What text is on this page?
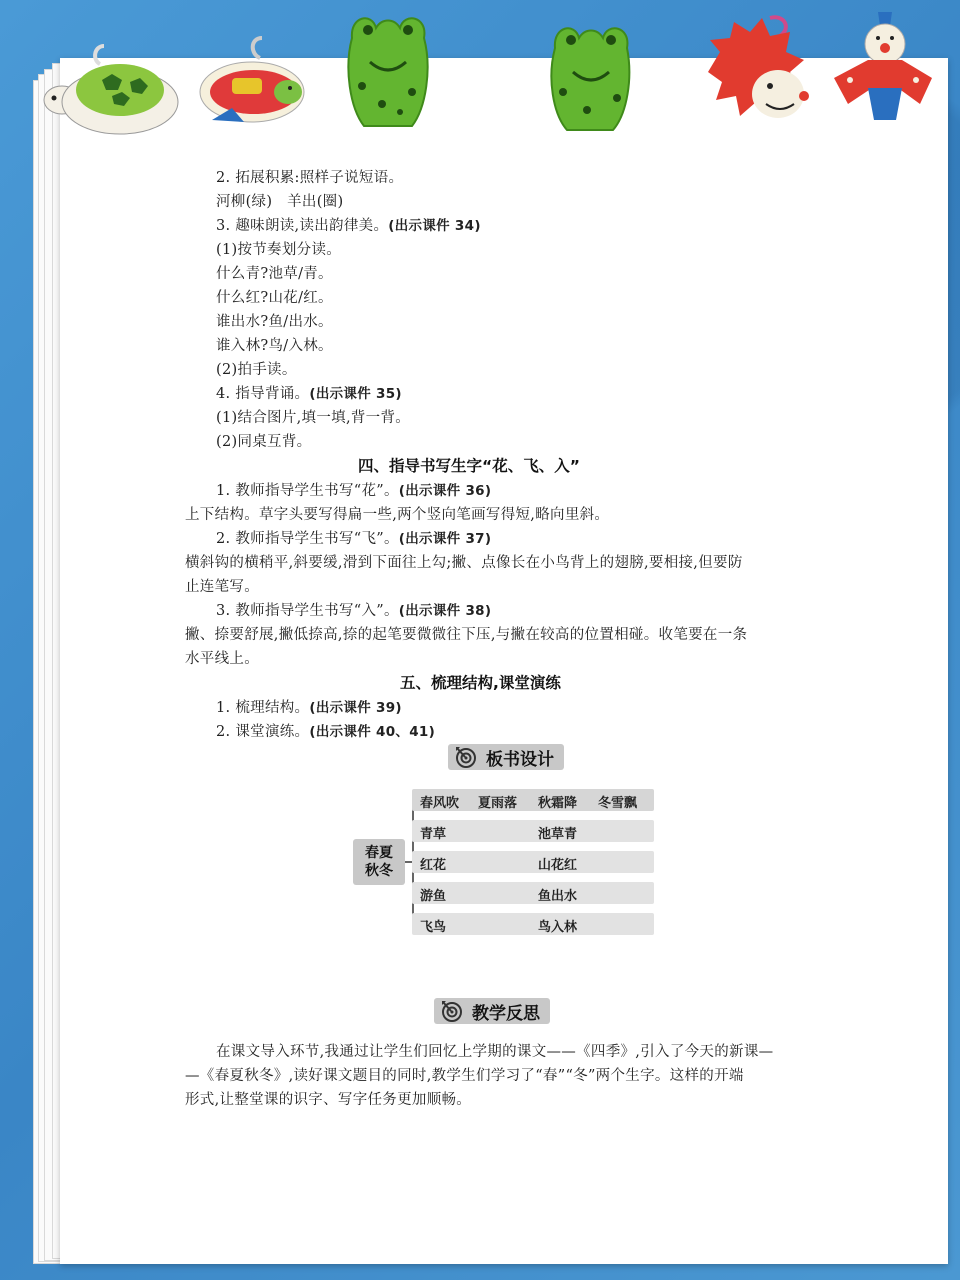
2. 拓展积累:照样子说短语。
河柳(绿)　羊出(圈)
3. 趣味朗读,读出韵律美。(出示课件 34)
(1)按节奏划分读。
什么青?池草/青。
什么红?山花/红。
谁出水?鱼/出水。
谁入林?鸟/入林。
(2)拍手读。
4. 指导背诵。(出示课件 35)
(1)结合图片,填一填,背一背。
(2)同桌互背。
四、指导书写生字“花、飞、入”
1. 教师指导学生书写“花”。(出示课件 36)
上下结构。草字头要写得扁一些,两个竖向笔画写得短,略向里斜。
2. 教师指导学生书写“飞”。(出示课件 37)
横斜钩的横稍平,斜要缓,滑到下面往上勾;撇、点像长在小鸟背上的翅膀,要相接,但要防
止连笔写。
3. 教师指导学生书写“入”。(出示课件 38)
撇、捺要舒展,撇低捺高,捺的起笔要微微往下压,与撇在较高的位置相碰。收笔要在一条
水平线上。
五、梳理结构,课堂演练
1. 梳理结构。(出示课件 39)
2. 课堂演练。(出示课件 40、41)
板书设计
春夏
秋冬
春风吹 夏雨落 秋霜降 冬雪飘
青草	池草青
红花	山花红
游鱼	鱼出水
飞鸟	鸟入林
教学反思
在课文导入环节,我通过让学生们回忆上学期的课文——《四季》,引入了今天的新课—
—《春夏秋冬》,读好课文题目的同时,教学生们学习了“春”“冬”两个生字。这样的开端
形式,让整堂课的识字、写字任务更加顺畅。
